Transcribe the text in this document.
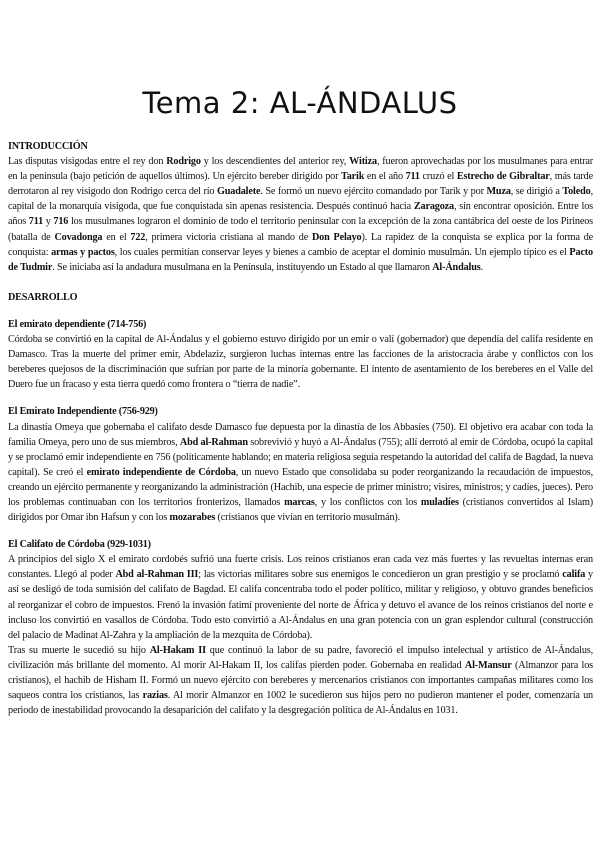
Tema 2: AL-ÁNDALUS
INTRODUCCIÓN
Las disputas visigodas entre el rey don Rodrigo y los descendientes del anterior rey, Witiza, fueron aprovechadas por los musulmanes para entrar en la península (bajo petición de aquellos últimos). Un ejército bereber dirigido por Tarik en el año 711 cruzó el Estrecho de Gibraltar, más tarde derrotaron al rey visigodo don Rodrigo cerca del río Guadalete. Se formó un nuevo ejército comandado por Tarik y por Muza, se dirigió a Toledo, capital de la monarquía visigoda, que fue conquistada sin apenas resistencia. Después continuó hacia Zaragoza, sin encontrar oposición. Entre los años 711 y 716 los musulmanes lograron el dominio de todo el territorio peninsular con la excepción de la zona cantábrica del oeste de los Pirineos (batalla de Covadonga en el 722, primera victoria cristiana al mando de Don Pelayo). La rapidez de la conquista se explica por la forma de conquista: armas y pactos, los cuales permitían conservar leyes y bienes a cambio de aceptar el dominio musulmán. Un ejemplo típico es el Pacto de Tudmir. Se iniciaba así la andadura musulmana en la Península, instituyendo un Estado al que llamaron Al-Ándalus.
DESARROLLO
El emirato dependiente (714-756)
Córdoba se convirtió en la capital de Al-Ándalus y el gobierno estuvo dirigido por un emir o valí (gobernador) que dependía del califa residente en Damasco. Tras la muerte del primer emir, Abdelaziz, surgieron luchas internas entre las facciones de la aristocracia árabe y conflictos con los bereberes quejosos de la discriminación que sufrían por parte de la minoría gobernante. El intento de asentamiento de los bereberes en el Valle del Duero fue un fracaso y esta tierra quedó como frontera o “tierra de nadie”.
El Emirato Independiente (756-929)
La dinastía Omeya que gobernaba el califato desde Damasco fue depuesta por la dinastía de los Abbasíes (750). El objetivo era acabar con toda la familia Omeya, pero uno de sus miembros, Abd al-Rahman sobrevivió y huyó a Al-Ándalus (755); allí derrotó al emir de Córdoba, ocupó la capital y se proclamó emir independiente en 756 (políticamente hablando; en materia religiosa seguía respetando la autoridad del califa de Bagdad, la nueva capital). Se creó el emirato independiente de Córdoba, un nuevo Estado que consolidaba su poder reorganizando la recaudación de impuestos, creando un ejército permanente y reorganizando la administración (Hachib, una especie de primer ministro; visires, ministros; y cadíes, jueces). Pero los problemas continuaban con los territorios fronterizos, llamados marcas, y los conflictos con los muladíes (cristianos convertidos al Islam) dirigidos por Omar ibn Hafsun y con los mozarabes (cristianos que vivían en territorio musulmán).
El Califato de Córdoba (929-1031)
A principios del siglo X el emirato cordobés sufrió una fuerte crisis. Los reinos cristianos eran cada vez más fuertes y las revueltas internas eran constantes. Llegó al poder Abd al-Rahman III; las victorias militares sobre sus enemigos le concedieron un gran prestigio y se proclamó califa y así se desligó de toda sumisión del califato de Bagdad. El califa concentraba todo el poder político, militar y religioso, y obtuvo grandes beneficios al reorganizar el cobro de impuestos. Frenó la invasión fatimí proveniente del norte de África y detuvo el avance de los reinos cristianos del norte e incluso los convirtió en vasallos de Córdoba. Todo esto convirtió a Al-Ándalus en una gran potencia con un gran esplendor cultural (construcción del palacio de Madinat Al-Zahra y la ampliación de la mezquita de Córdoba).
Tras su muerte le sucedió su hijo Al-Hakam II que continuó la labor de su padre, favoreció el impulso intelectual y artístico de Al-Ándalus, civilización más brillante del momento. Al morir Al-Hakam II, los califas pierden poder. Gobernaba en realidad Al-Mansur (Almanzor para los cristianos), el hachib de Hisham II. Formó un nuevo ejército con bereberes y mercenarios cristianos con importantes campañas militares como los saqueos contra los cristianos, las razias. Al morir Almanzor en 1002 le sucedieron sus hijos pero no pudieron mantener el poder, comenzaría un periodo de inestabilidad provocando la desaparición del califato y la desgregación política de Al-Ándalus en 1031.
